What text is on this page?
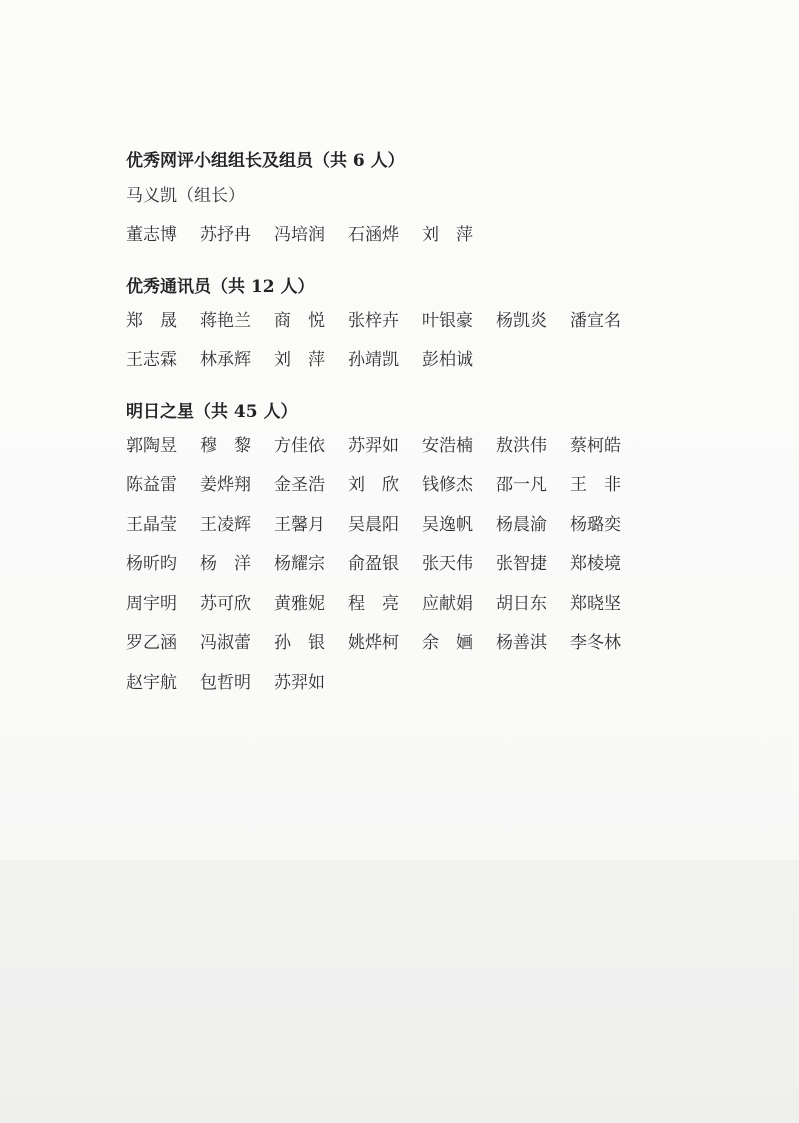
优秀网评小组组长及组员（共 6 人）
马义凯（组长）
董志博	苏抒冉	冯培润	石涵烨	刘　萍
优秀通讯员（共 12 人）
郑　晟	蒋艳兰	商　悦	张梓卉	叶银豪	杨凯炎	潘宣名
王志霖	林承辉	刘　萍	孙靖凯	彭柏诚
明日之星（共 45 人）
郭陶昱	穆　黎	方佳依	苏羿如	安浩楠	敖洪伟	蔡柯皓
陈益雷	姜烨翔	金圣浩	刘　欣	钱修杰	邵一凡	王　非
王晶莹	王凌辉	王馨月	吴晨阳	吴逸帆	杨晨渝	杨璐奕
杨昕昀	杨　洋	杨耀宗	俞盈银	张天伟	张智捷	郑棱境
周宇明	苏可欣	黄雅妮	程　亮	应献娟	胡日东	郑晓坚
罗乙涵	冯淑蕾	孙　银	姚烨柯	余　婳	杨善淇	李冬林
赵宇航	包哲明	苏羿如
